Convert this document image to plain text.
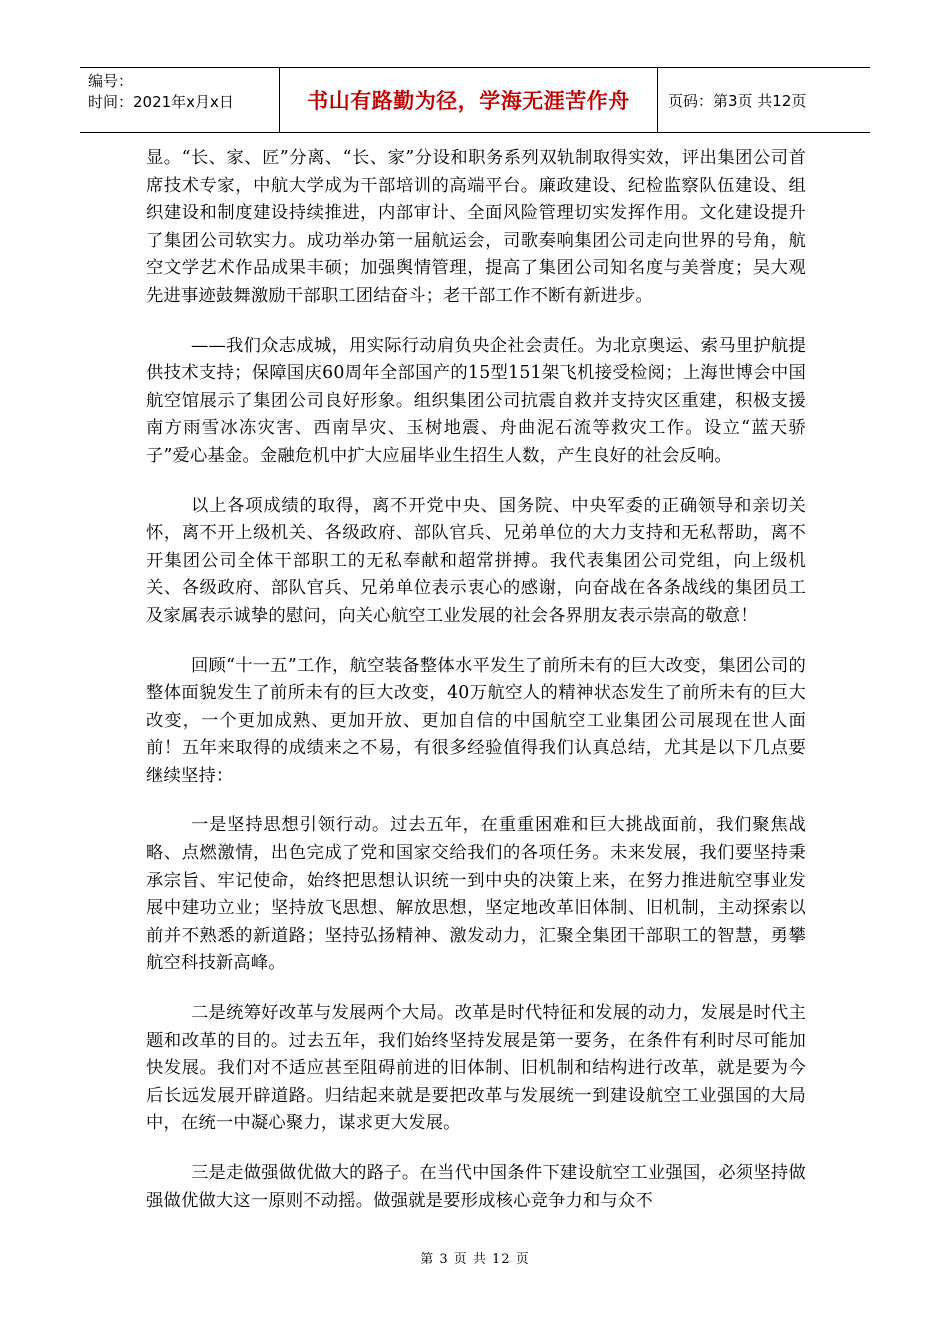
编号：
时间：2021年x月x日	书山有路勤为径，学海无涯苦作舟	页码：第3页 共12页

显。“长、家、匠”分离、“长、家”分设和职务系列双轨制取得实效，评出集团公司首席技术专家，中航大学成为干部培训的高端平台。廉政建设、纪检监察队伍建设、组织建设和制度建设持续推进，内部审计、全面风险管理切实发挥作用。文化建设提升了集团公司软实力。成功举办第一届航运会，司歌奏响集团公司走向世界的号角，航空文学艺术作品成果丰硕；加强舆情管理，提高了集团公司知名度与美誉度；吴大观先进事迹鼓舞激励干部职工团结奋斗；老干部工作不断有新进步。

——我们众志成城，用实际行动肩负央企社会责任。为北京奥运、索马里护航提供技术支持；保障国庆60周年全部国产的15型151架飞机接受检阅；上海世博会中国航空馆展示了集团公司良好形象。组织集团公司抗震自救并支持灾区重建，积极支援南方雨雪冰冻灾害、西南旱灾、玉树地震、舟曲泥石流等救灾工作。设立“蓝天骄子”爱心基金。金融危机中扩大应届毕业生招生人数，产生良好的社会反响。

以上各项成绩的取得，离不开党中央、国务院、中央军委的正确领导和亲切关怀，离不开上级机关、各级政府、部队官兵、兄弟单位的大力支持和无私帮助，离不开集团公司全体干部职工的无私奉献和超常拼搏。我代表集团公司党组，向上级机关、各级政府、部队官兵、兄弟单位表示衷心的感谢，向奋战在各条战线的集团员工及家属表示诚挚的慰问，向关心航空工业发展的社会各界朋友表示崇高的敬意！

回顾“十一五”工作，航空装备整体水平发生了前所未有的巨大改变，集团公司的整体面貌发生了前所未有的巨大改变，40万航空人的精神状态发生了前所未有的巨大改变，一个更加成熟、更加开放、更加自信的中国航空工业集团公司展现在世人面前！五年来取得的成绩来之不易，有很多经验值得我们认真总结，尤其是以下几点要继续坚持：

一是坚持思想引领行动。过去五年，在重重困难和巨大挑战面前，我们聚焦战略、点燃激情，出色完成了党和国家交给我们的各项任务。未来发展，我们要坚持秉承宗旨、牢记使命，始终把思想认识统一到中央的决策上来，在努力推进航空事业发展中建功立业；坚持放飞思想、解放思想，坚定地改革旧体制、旧机制，主动探索以前并不熟悉的新道路；坚持弘扬精神、激发动力，汇聚全集团干部职工的智慧，勇攀航空科技新高峰。

二是统筹好改革与发展两个大局。改革是时代特征和发展的动力，发展是时代主题和改革的目的。过去五年，我们始终坚持发展是第一要务，在条件有利时尽可能加快发展。我们对不适应甚至阻碍前进的旧体制、旧机制和结构进行改革，就是要为今后长远发展开辟道路。归结起来就是要把改革与发展统一到建设航空工业强国的大局中，在统一中凝心聚力，谋求更大发展。

三是走做强做优做大的路子。在当代中国条件下建设航空工业强国，必须坚持做强做优做大这一原则不动摇。做强就是要形成核心竞争力和与众不

第 3 页 共 12 页
